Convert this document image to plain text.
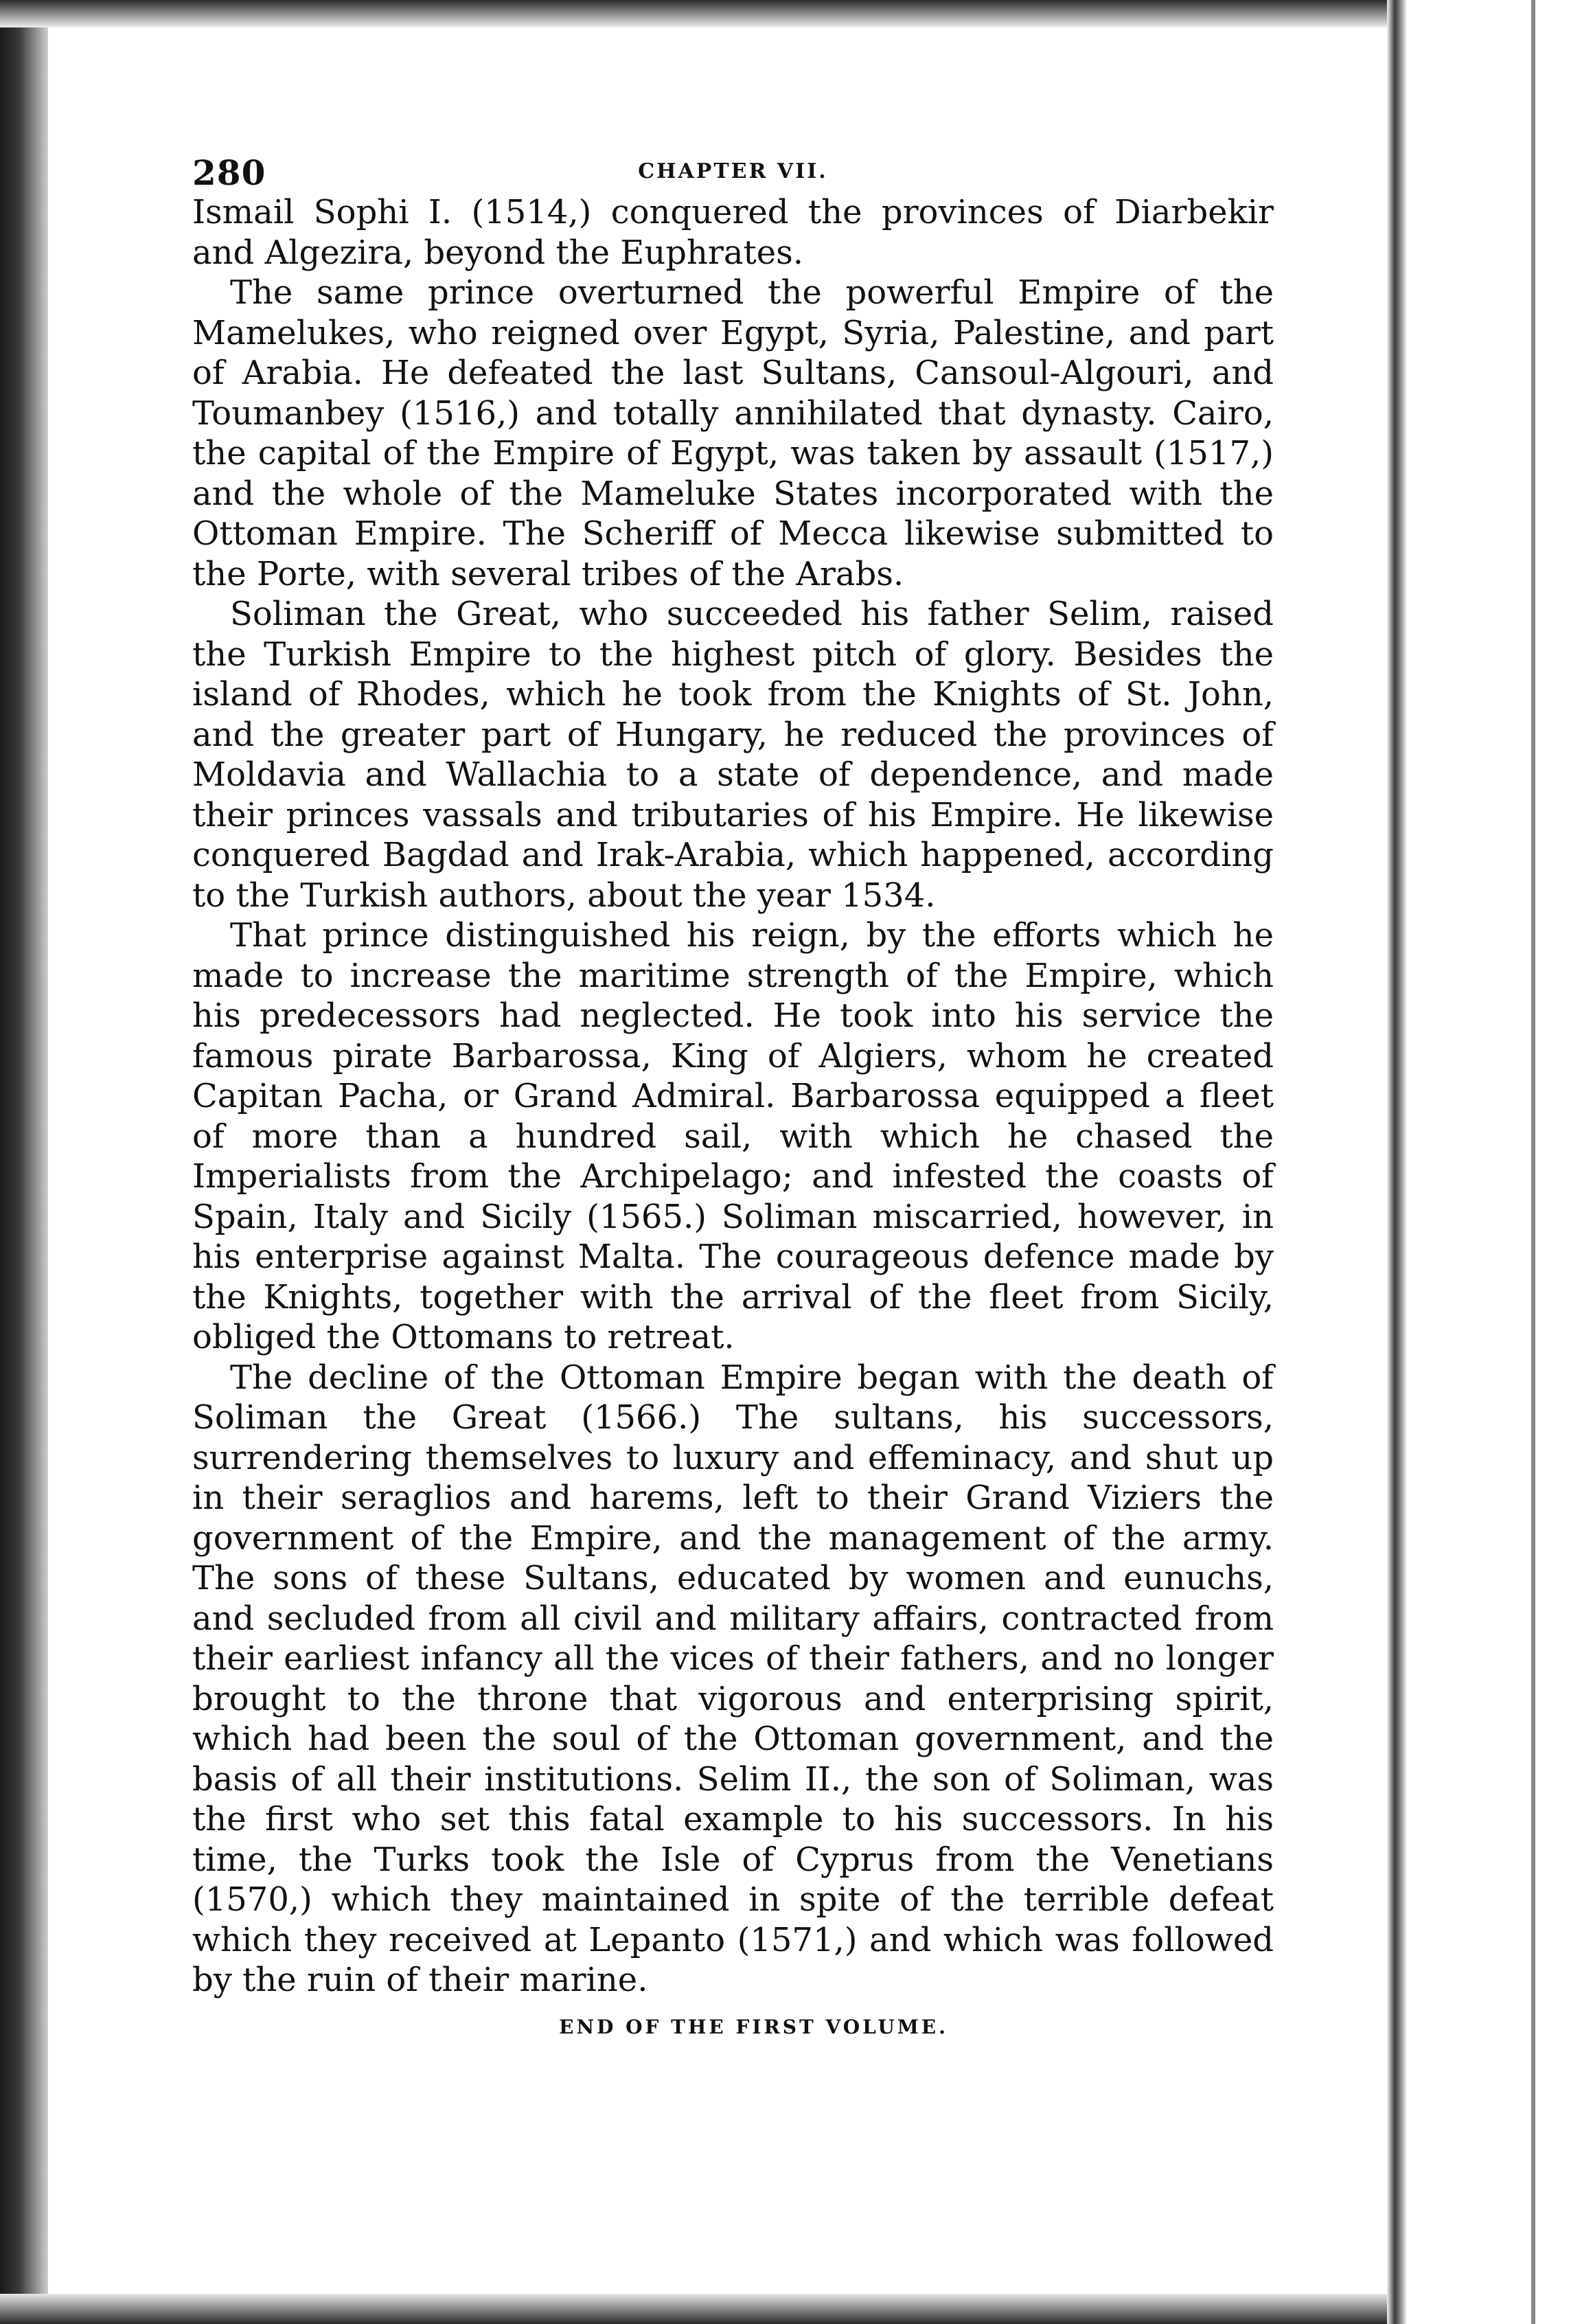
280	CHAPTER VII.

Ismail Sophi I. (1514,) conquered the provinces of Diarbekir and Algezira, beyond the Euphrates.

The same prince overturned the powerful Empire of the Mamelukes, who reigned over Egypt, Syria, Palestine, and part of Arabia. He defeated the last Sultans, Cansoul-Algouri, and Toumanbey (1516,) and totally annihilated that dynasty. Cairo, the capital of the Empire of Egypt, was taken by assault (1517,) and the whole of the Mameluke States incorporated with the Ottoman Empire. The Scheriff of Mecca likewise submitted to the Porte, with several tribes of the Arabs.

Soliman the Great, who succeeded his father Selim, raised the Turkish Empire to the highest pitch of glory. Besides the island of Rhodes, which he took from the Knights of St. John, and the greater part of Hungary, he reduced the provinces of Moldavia and Wallachia to a state of dependence, and made their princes vassals and tributaries of his Empire. He likewise conquered Bagdad and Irak-Arabia, which happened, according to the Turkish authors, about the year 1534.

That prince distinguished his reign, by the efforts which he made to increase the maritime strength of the Empire, which his predecessors had neglected. He took into his service the famous pirate Barbarossa, King of Algiers, whom he created Capitan Pacha, or Grand Admiral. Barbarossa equipped a fleet of more than a hundred sail, with which he chased the Imperialists from the Archipelago; and infested the coasts of Spain, Italy and Sicily (1565.) Soliman miscarried, however, in his enterprise against Malta. The courageous defence made by the Knights, together with the arrival of the fleet from Sicily, obliged the Ottomans to retreat.

The decline of the Ottoman Empire began with the death of Soliman the Great (1566.) The sultans, his successors, surrendering themselves to luxury and effeminacy, and shut up in their seraglios and harems, left to their Grand Viziers the government of the Empire, and the management of the army. The sons of these Sultans, educated by women and eunuchs, and secluded from all civil and military affairs, contracted from their earliest infancy all the vices of their fathers, and no longer brought to the throne that vigorous and enterprising spirit, which had been the soul of the Ottoman government, and the basis of all their institutions. Selim II., the son of Soliman, was the first who set this fatal example to his successors. In his time, the Turks took the Isle of Cyprus from the Venetians (1570,) which they maintained in spite of the terrible defeat which they received at Lepanto (1571,) and which was followed by the ruin of their marine.

END OF THE FIRST VOLUME.
